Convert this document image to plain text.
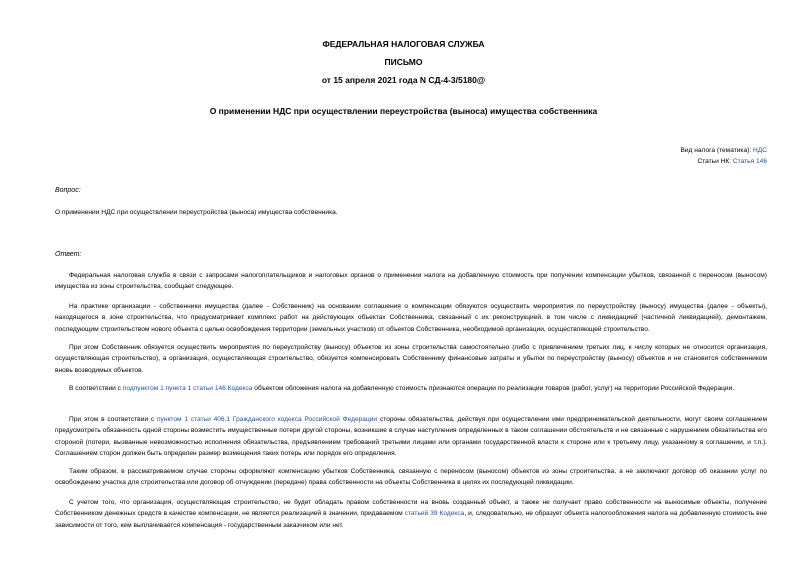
ФЕДЕРАЛЬНАЯ НАЛОГОВАЯ СЛУЖБА
ПИСЬМО
от 15 апреля 2021 года N СД-4-3/5180@
О применении НДС при осуществлении переустройства (выноса) имущества собственника
Вид налога (тематика): НДС
Статьи НК: Статья 146
Вопрос:

О применении НДС при осуществлении переустройства (выноса) имущества собственника.

Ответ:

Федеральная налоговая служба в связи с запросами налогоплательщиков и налоговых органов о применении налога на добавленную стоимость при получении компенсации убытков, связанной с переносом (выносом) имущества из зоны строительства, сообщает следующее.

На практике организации - собственники имущества (далее - Собственник) на основании соглашения о компенсации обязуются осуществить мероприятия по переустройству (выносу) имущества (далее - объекты), находящегося в зоне строительства, что предусматривает комплекс работ на действующих объектах Собственника, связанный с их реконструкцией, в том числе с ликвидацией (частичной ликвидацией), демонтажем, последующим строительством нового объекта с целью освобождения территории (земельных участков) от объектов Собственника, необходимой организации, осуществляющей строительство.

При этом Собственник обязуется осуществить мероприятия по переустройству (выносу) объектов из зоны строительства самостоятельно (либо с привлечением третьих лиц, к числу которых не относится организация, осуществляющая строительство), а организация, осуществляющая строительство, обязуется компенсировать Собственнику финансовые затраты и убытки по переустройству (выносу) объектов и не становится собственником вновь возводимых объектов.

В соответствии с подпунктом 1 пункта 1 статьи 146 Кодекса объектом обложения налога на добавленную стоимость признаются операции по реализации товаров (работ, услуг) на территории Российской Федерации.

При этом в соответствии с пунктом 1 статьи 406.1 Гражданского кодекса Российской Федерации стороны обязательства, действуя при осуществлении ими предпринимательской деятельности, могут своим соглашением предусмотреть обязанность одной стороны возместить имущественные потери другой стороны, возникшие в случае наступления определенных в таком соглашении обстоятельств и не связанные с нарушением обязательства его стороной (потери, вызванные невозможностью исполнения обязательства, предъявлением требований третьими лицами или органами государственной власти к стороне или к третьему лицу, указанному в соглашении, и т.п.). Соглашением сторон должен быть определен размер возмещения таких потерь или порядок его определения.

Таким образом, в рассматриваемом случае стороны оформляют компенсацию убытков Собственника, связанную с переносом (выносом) объектов из зоны строительства, а не заключают договор об оказании услуг по освобождению участка для строительства или договор об отчуждении (передаче) права собственности на объекты Собственника в целях их последующей ликвидации.

С учетом того, что организация, осуществляющая строительство, не будет обладать правом собственности на вновь созданный объект, а также не получает право собственности на выносимые объекты, получение Собственником денежных средств в качестве компенсации, не является реализацией в значении, придаваемом статьей 39 Кодекса, и, следовательно, не образует объекта налогообложения налога на добавленную стоимость вне зависимости от того, кем выплачивается компенсация - государственным заказчиком или нет.
